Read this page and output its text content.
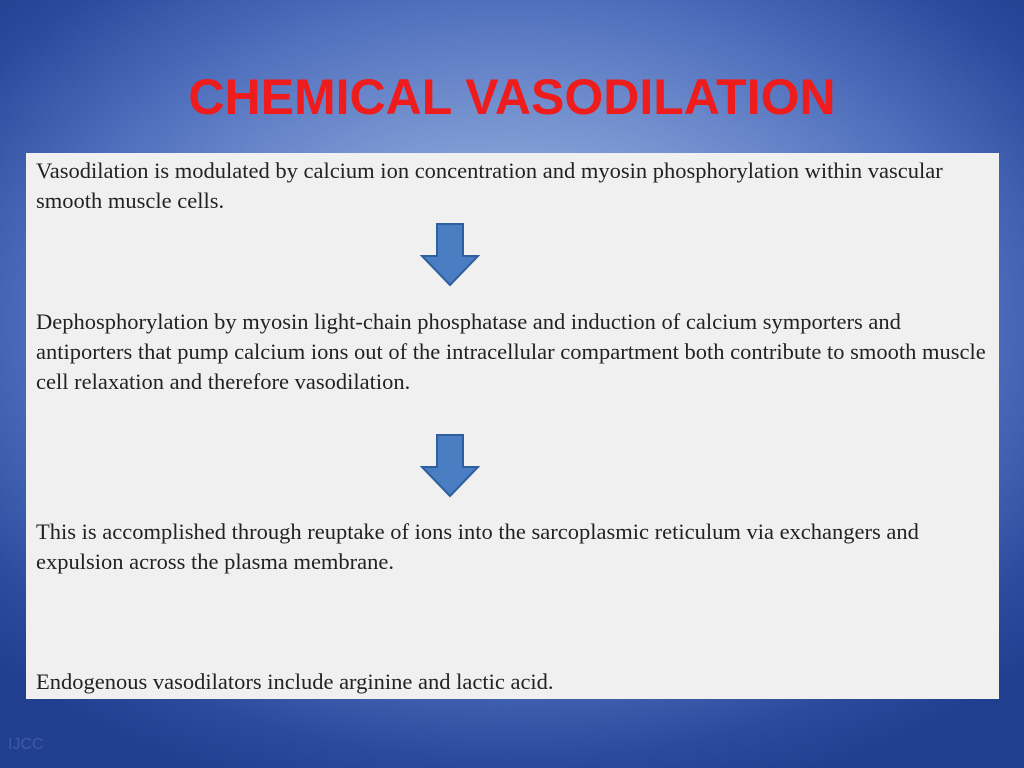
CHEMICAL VASODILATION

Vasodilation is modulated by calcium ion concentration and myosin phosphorylation within vascular smooth muscle cells.

Dephosphorylation by myosin light-chain phosphatase and induction of calcium symporters and antiporters that pump calcium ions out of the intracellular compartment both contribute to smooth muscle cell relaxation and therefore vasodilation.

This is accomplished through reuptake of ions into the sarcoplasmic reticulum via exchangers and expulsion across the plasma membrane.

Endogenous vasodilators include arginine and lactic acid.

IJCC
